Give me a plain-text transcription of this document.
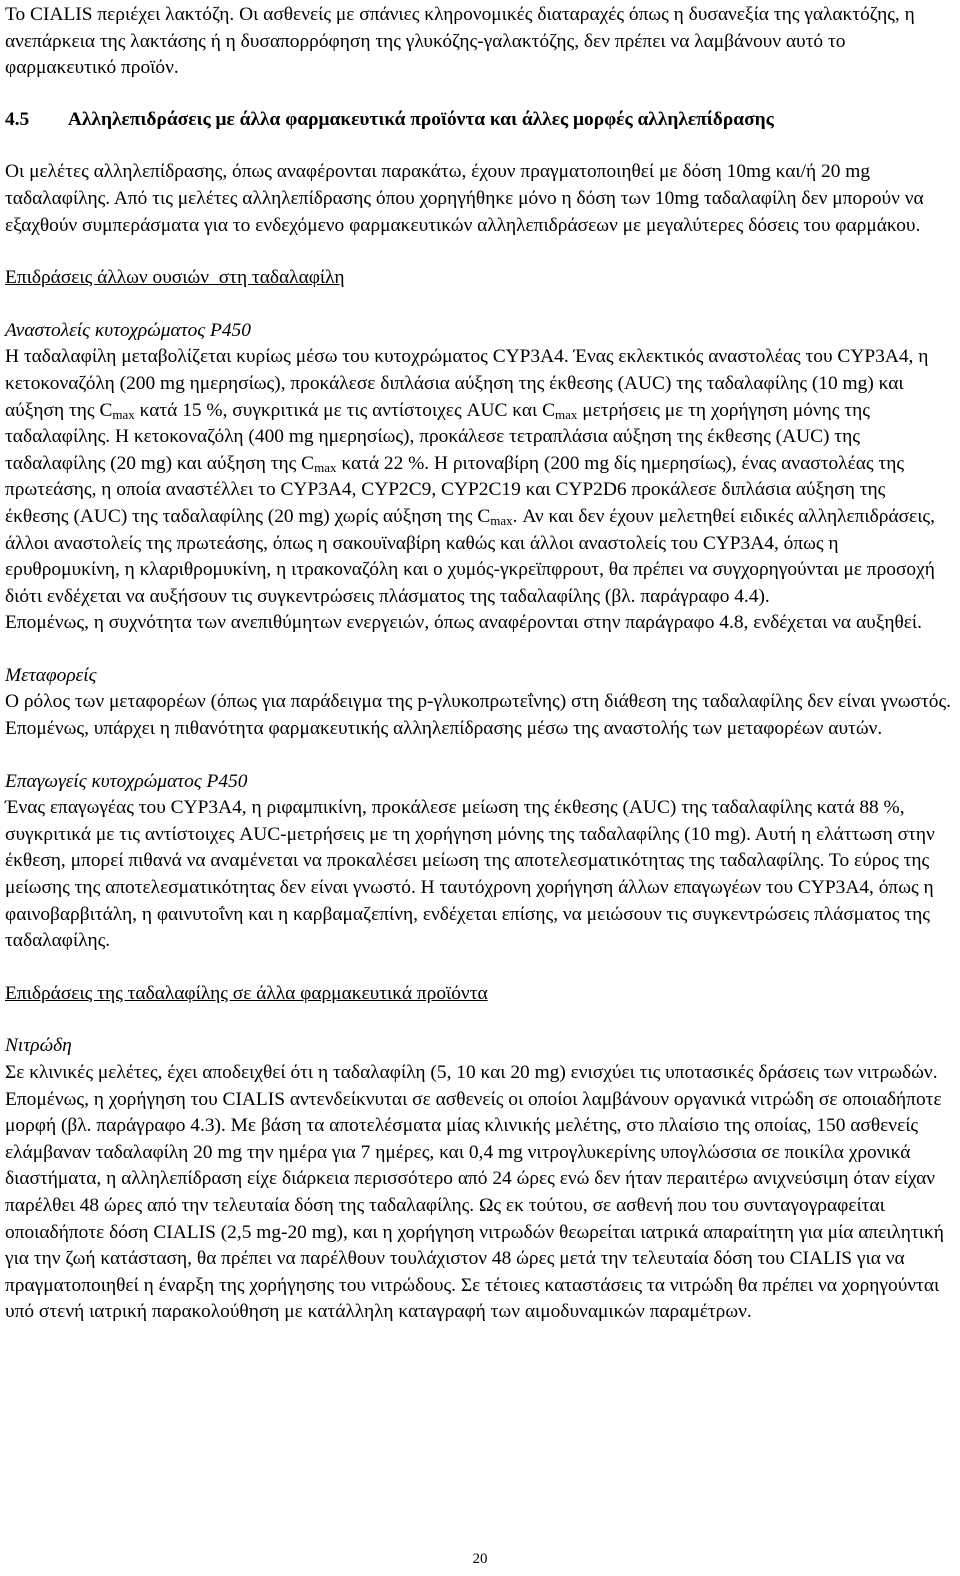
Το CIALIS περιέχει λακτόζη. Οι ασθενείς με σπάνιες κληρονομικές διαταραχές όπως η δυσανεξία της γαλακτόζης, η ανεπάρκεια της λακτάσης ή η δυσαπορρόφηση της γλυκόζης-γαλακτόζης, δεν πρέπει να λαμβάνουν αυτό το φαρμακευτικό προϊόν.

4.5 Αλληλεπιδράσεις με άλλα φαρμακευτικά προϊόντα και άλλες μορφές αλληλεπίδρασης

Οι μελέτες αλληλεπίδρασης, όπως αναφέρονται παρακάτω, έχουν πραγματοποιηθεί με δόση 10mg και/ή 20 mg ταδαλαφίλης. Από τις μελέτες αλληλεπίδρασης όπου χορηγήθηκε μόνο η δόση των 10mg ταδαλαφίλη δεν μπορούν να εξαχθούν συμπεράσματα για το ενδεχόμενο φαρμακευτικών αλληλεπιδράσεων με μεγαλύτερες δόσεις του φαρμάκου.

Επιδράσεις άλλων ουσιών  στη ταδαλαφίλη

Αναστολείς κυτοχρώματος P450

Η ταδαλαφίλη μεταβολίζεται κυρίως μέσω του κυτοχρώματος CYP3A4. Ένας εκλεκτικός αναστολέας του CYP3A4, η κετοκοναζόλη (200 mg ημερησίως), προκάλεσε διπλάσια αύξηση της έκθεσης (AUC) της ταδαλαφίλης (10 mg) και αύξηση της $C_{max}$ κατά 15 %, συγκριτικά με τις αντίστοιχες AUC και $C_{max}$ μετρήσεις με τη χορήγηση μόνης της ταδαλαφίλης. Η κετοκοναζόλη (400 mg ημερησίως), προκάλεσε τετραπλάσια αύξηση της έκθεσης (AUC) της ταδαλαφίλης (20 mg) και αύξηση της $C_{max}$ κατά 22 %. Η ριτοναβίρη (200 mg δίς ημερησίως), ένας αναστολέας της πρωτεάσης, η οποία αναστέλλει το CYP3A4, CYP2C9, CYP2C19 και CYP2D6 προκάλεσε διπλάσια αύξηση της έκθεσης (AUC) της ταδαλαφίλης (20 mg) χωρίς αύξηση της $C_{max}$. Αν και δεν έχουν μελετηθεί ειδικές αλληλεπιδράσεις, άλλοι αναστολείς της πρωτεάσης, όπως η σακουϊναβίρη καθώς και άλλοι αναστολείς του CYP3A4, όπως η ερυθρομυκίνη, η κλαριθρομυκίνη, η ιτρακοναζόλη και ο χυμός-γκρεϊπφρουτ, θα πρέπει να συγχορηγούνται με προσοχή διότι ενδέχεται να αυξήσουν τις συγκεντρώσεις πλάσματος της ταδαλαφίλης (βλ. παράγραφο 4.4).

Επομένως, η συχνότητα των ανεπιθύμητων ενεργειών, όπως αναφέρονται στην παράγραφο 4.8, ενδέχεται να αυξηθεί.

Μεταφορείς

Ο ρόλος των μεταφορέων (όπως για παράδειγμα της p-γλυκοπρωτεΐνης) στη διάθεση της ταδαλαφίλης δεν είναι γνωστός. Επομένως, υπάρχει η πιθανότητα φαρμακευτικής αλληλεπίδρασης μέσω της αναστολής των μεταφορέων αυτών.

Επαγωγείς κυτοχρώματος P450

Ένας επαγωγέας του CYP3A4, η ριφαμπικίνη, προκάλεσε μείωση της έκθεσης (AUC) της ταδαλαφίλης κατά 88 %, συγκριτικά με τις αντίστοιχες AUC-μετρήσεις με τη χορήγηση μόνης της ταδαλαφίλης (10 mg). Αυτή η ελάττωση στην έκθεση, μπορεί πιθανά να αναμένεται να προκαλέσει μείωση της αποτελεσματικότητας της ταδαλαφίλης. Το εύρος της μείωσης της αποτελεσματικότητας δεν είναι γνωστό. Η ταυτόχρονη χορήγηση άλλων επαγωγέων του CYP3A4, όπως η φαινοβαρβιτάλη, η φαινυτοΐνη και η καρβαμαζεπίνη, ενδέχεται επίσης, να μειώσουν τις συγκεντρώσεις πλάσματος της ταδαλαφίλης.

Επιδράσεις της ταδαλαφίλης σε άλλα φαρμακευτικά προϊόντα

Νιτρώδη

Σε κλινικές μελέτες, έχει αποδειχθεί ότι η ταδαλαφίλη (5, 10 και 20 mg) ενισχύει τις υποτασικές δράσεις των νιτρωδών. Επομένως, η χορήγηση του CIALIS αντενδείκνυται σε ασθενείς οι οποίοι λαμβάνουν οργανικά νιτρώδη σε οποιαδήποτε μορφή (βλ. παράγραφο 4.3). Με βάση τα αποτελέσματα μίας κλινικής μελέτης, στο πλαίσιο της οποίας, 150 ασθενείς ελάμβαναν ταδαλαφίλη 20 mg την ημέρα για 7 ημέρες, και 0,4 mg νιτρογλυκερίνης υπογλώσσια σε ποικίλα χρονικά διαστήματα, η αλληλεπίδραση είχε διάρκεια περισσότερο από 24 ώρες ενώ δεν ήταν περαιτέρω ανιχνεύσιμη όταν είχαν παρέλθει 48 ώρες από την τελευταία δόση της ταδαλαφίλης. Ως εκ τούτου, σε ασθενή που του συνταγογραφείται οποιαδήποτε δόση CIALIS (2,5 mg-20 mg), και η χορήγηση νιτρωδών θεωρείται ιατρικά απαραίτητη για μία απειλητική για την ζωή κατάσταση, θα πρέπει να παρέλθουν τουλάχιστον 48 ώρες μετά την τελευταία δόση του CIALIS για να πραγματοποιηθεί η έναρξη της χορήγησης του νιτρώδους. Σε τέτοιες καταστάσεις τα νιτρώδη θα πρέπει να χορηγούνται υπό στενή ιατρική παρακολούθηση με κατάλληλη καταγραφή των αιμοδυναμικών παραμέτρων.

20
